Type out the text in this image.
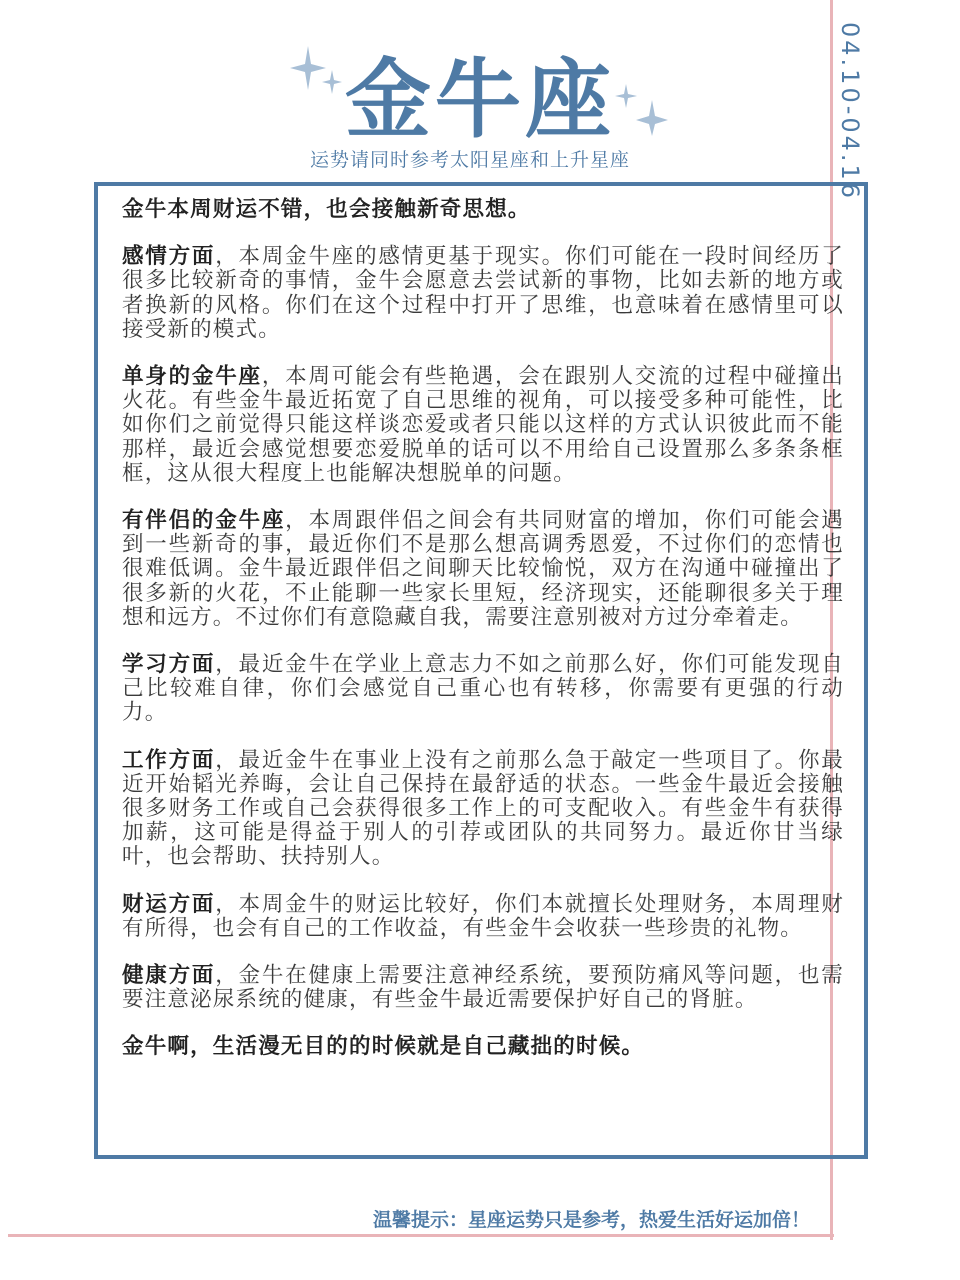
04.10-04.16
金牛座
运势请同时参考太阳星座和上升星座

金牛本周财运不错，也会接触新奇思想。

感情方面，本周金牛座的感情更基于现实。你们可能在一段时间经历了很多比较新奇的事情，金牛会愿意去尝试新的事物，比如去新的地方或者换新的风格。你们在这个过程中打开了思维，也意味着在感情里可以接受新的模式。

单身的金牛座，本周可能会有些艳遇，会在跟别人交流的过程中碰撞出火花。有些金牛最近拓宽了自己思维的视角，可以接受多种可能性，比如你们之前觉得只能这样谈恋爱或者只能以这样的方式认识彼此而不能那样，最近会感觉想要恋爱脱单的话可以不用给自己设置那么多条条框框，这从很大程度上也能解决想脱单的问题。

有伴侣的金牛座，本周跟伴侣之间会有共同财富的增加，你们可能会遇到一些新奇的事，最近你们不是那么想高调秀恩爱，不过你们的恋情也很难低调。金牛最近跟伴侣之间聊天比较愉悦，双方在沟通中碰撞出了很多新的火花，不止能聊一些家长里短，经济现实，还能聊很多关于理想和远方。不过你们有意隐藏自我，需要注意别被对方过分牵着走。

学习方面，最近金牛在学业上意志力不如之前那么好，你们可能发现自己比较难自律，你们会感觉自己重心也有转移，你需要有更强的行动力。

工作方面，最近金牛在事业上没有之前那么急于敲定一些项目了。你最近开始韬光养晦，会让自己保持在最舒适的状态。一些金牛最近会接触很多财务工作或自己会获得很多工作上的可支配收入。有些金牛有获得加薪，这可能是得益于别人的引荐或团队的共同努力。最近你甘当绿叶，也会帮助、扶持别人。

财运方面，本周金牛的财运比较好，你们本就擅长处理财务，本周理财有所得，也会有自己的工作收益，有些金牛会收获一些珍贵的礼物。

健康方面，金牛在健康上需要注意神经系统，要预防痛风等问题，也需要注意泌尿系统的健康，有些金牛最近需要保护好自己的肾脏。

金牛啊，生活漫无目的的时候就是自己藏拙的时候。

温馨提示：星座运势只是参考，热爱生活好运加倍！
